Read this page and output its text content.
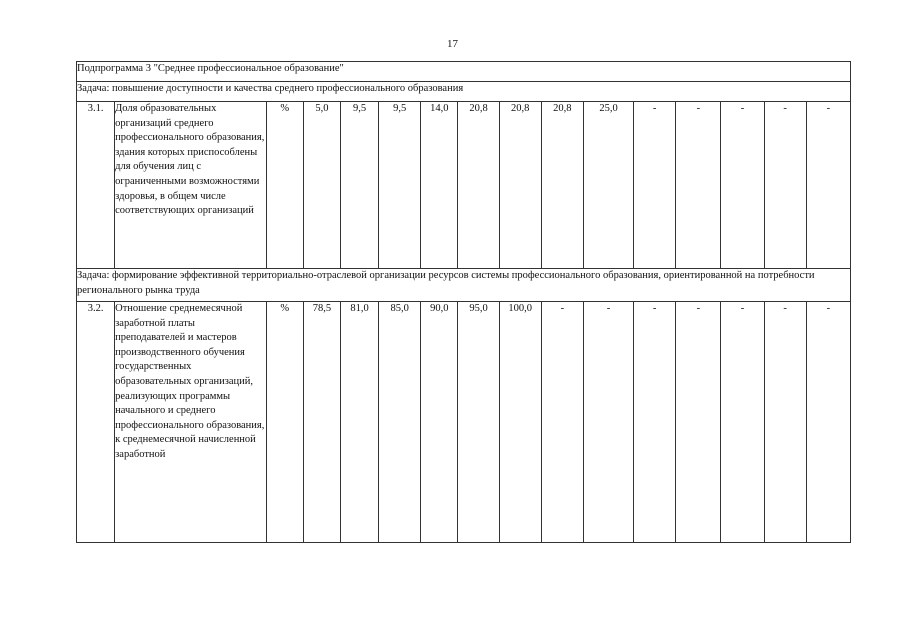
17
Подпрограмма 3 "Среднее профессиональное образование"															
Задача: повышение доступности и качества среднего профессионального образования															
3.1.	Доля образовательных организаций среднего профессионального образования, здания которых приспособлены для обучения лиц с ограниченными возможностями здоровья, в общем числе соответствующих организаций	%	5,0	9,5	9,5	14,0	20,8	20,8	20,8	25,0	-	-	-	-	-
Задача: формирование эффективной территориально-отраслевой организации ресурсов системы профессионального образования, ориентированной на потребности регионального рынка труда															
3.2.	Отношение среднемесячной заработной платы преподавателей и мастеров производственного обучения государственных образовательных организаций, реализующих программы начального и среднего профессионального образования, к среднемесячной начисленной заработной	%	78,5	81,0	85,0	90,0	95,0	100,0	-	-	-	-	-	-	-
